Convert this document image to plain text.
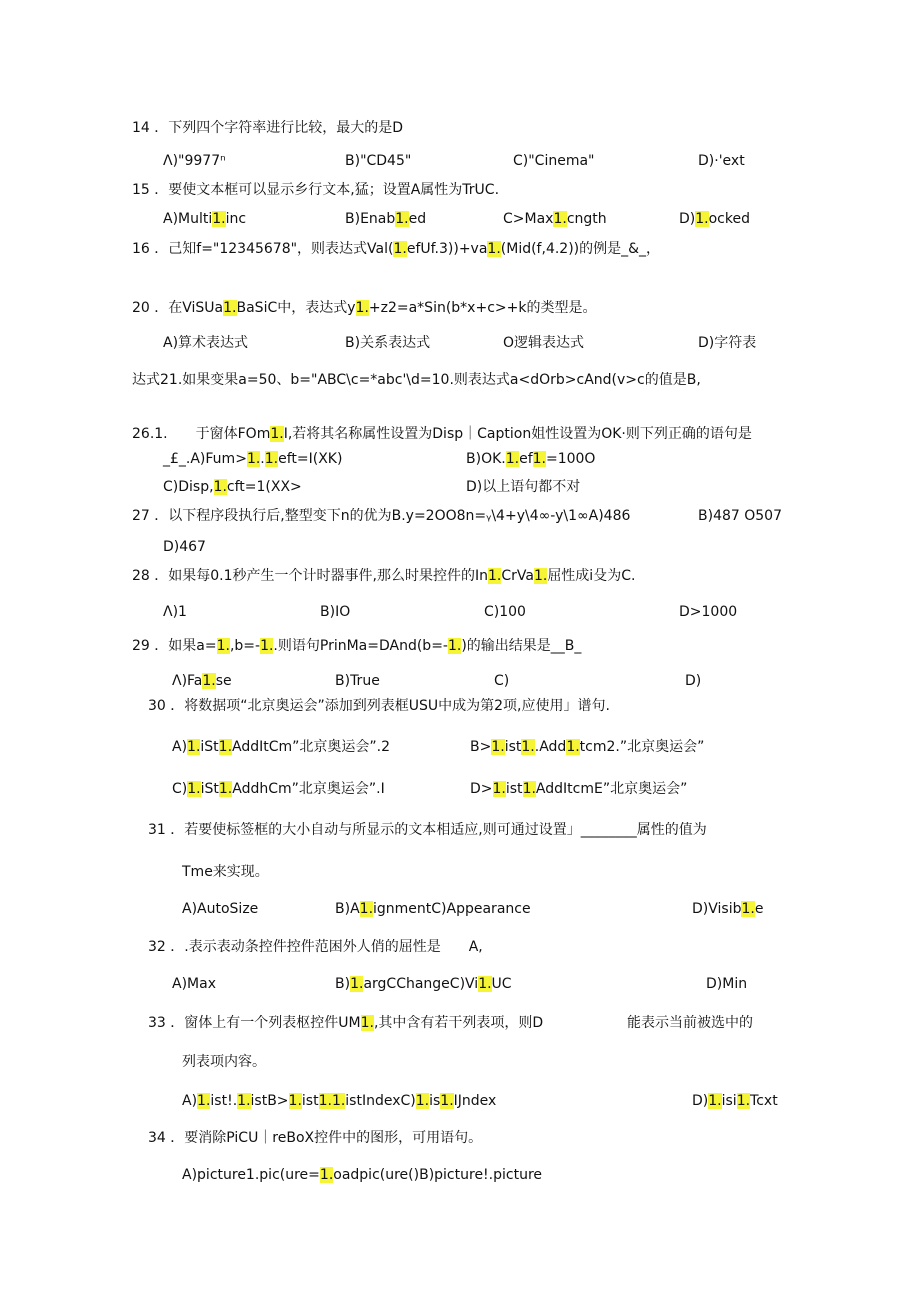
14 ．下列四个字符率进行比较，最大的是D
Λ)"9977ⁿ	B)"CD45"	C)"Cinema"	D)·'ext
15 ．要使文本框可以显示乡行文本,猛；设置A属性为TrUC.
A)Multi1.inc	B)Enab1.ed	C>Max1.cngth	D)1.ocked
16 ．己知f="12345678"，则表达式Val(1.efUf.3))+va1.(Mid(f,4.2))的例是_&_，
20 ．在ViSUa1.BaSiC中，表达式y1.+z2=a*Sin(b*x+c>+k的类型是。
A)算术表达式	B)关系表达式	O逻辑表达式	D)字符表
达式21.如果变果a=50、b="ABC\c=*abc'\d=10.则表达式a<dOrb>cAnd(v>c的值是B,
26.1.　　于窗体FOm1.I,若将其名称属性设置为Disp｜Caption姐性设置为OK·则下列正确的语句是
_£_.A)Fum>1..1.eft=I(XK)	B)OK.1.ef1.=100O
C)Disp,1.cft=1(XX>	D)以上语句都不对
27 ．以下程序段执行后,整型变下n的优为B.y=2OO8n=ᵧ\4+y\4∞-y\1∞A)486	B)487 O507
D)467
28 ．如果每0.1秒产生一个计时器事件,那么时果控件的In1.CrVa1.屈性成i殳为C.
Λ)1	B)IO	C)100	D>1000
29 ．如果a=1.,b=-1..则语句PrinMa=DAnd(b=-1.)的输出结果是__B_
Λ)Fa1.se	B)True	C)	D)
30 ．将数据项“北京奥运会”添加到列表框USU中成为第2项,应使用」谱句.
A)1.iSt1.AddItCm”北京奥运会”.2	B>1.ist1..Add1.tcm2.”北京奥运会”
C)1.iSt1.AddhCm”北京奥运会”.I	D>1.ist1.AddItcmE”北京奥运会”
31 ．若要使标签框的大小自动与所显示的文本相适应,则可通过设置」________属性的值为
Tme来实现。
A)AutoSize	B)A1.ignmentC)Appearance	D)Visib1.e
32 ．.表示表动条控件控件范困外人俏的屈性是　　A,
A)Max	B)1.argCChangeC)Vi1.UC	D)Min
33 ．窗体上有一个列表枢控件UM1.,其中含有若干列表项，则D	能表示当前被选中的
列表项内容。
A)1.ist!.1.istB>1.ist1.1.istIndexC)1.is1.IJndex	D)1.isi1.Tcxt
34 ．要消除PiCU｜reBoX控件中的图形，可用语句。
A)picture1.pic(ure=1.oadpic(ure()B)picture!.picture
